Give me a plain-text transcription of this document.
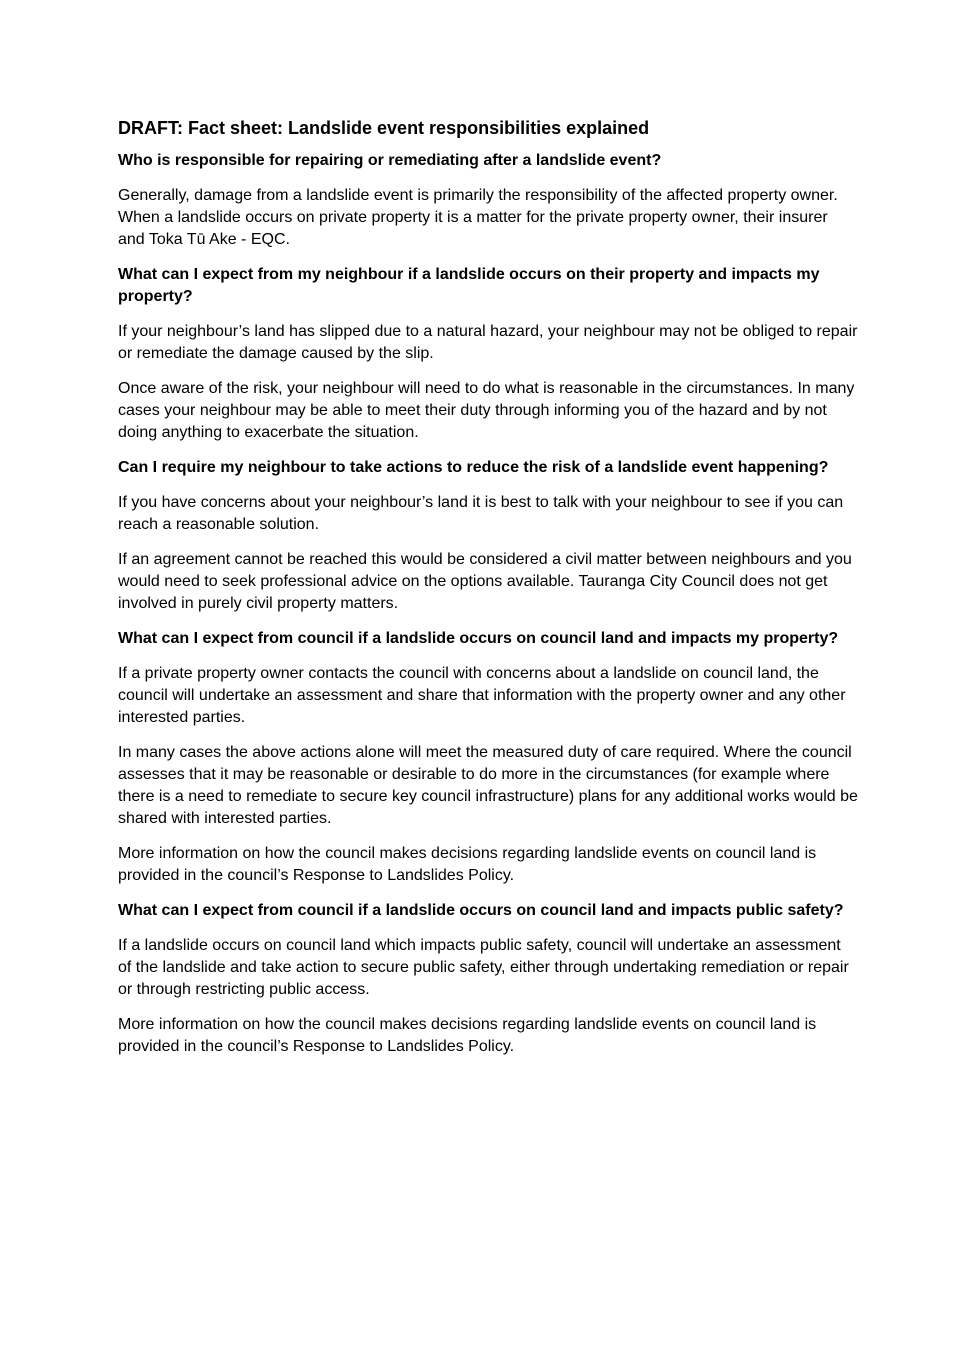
DRAFT: Fact sheet: Landslide event responsibilities explained
Who is responsible for repairing or remediating after a landslide event?
Generally, damage from a landslide event is primarily the responsibility of the affected property owner. When a landslide occurs on private property it is a matter for the private property owner, their insurer and Toka Tū Ake - EQC.
What can I expect from my neighbour if a landslide occurs on their property and impacts my property?
If your neighbour’s land has slipped due to a natural hazard, your neighbour may not be obliged to repair or remediate the damage caused by the slip.
Once aware of the risk, your neighbour will need to do what is reasonable in the circumstances. In many cases your neighbour may be able to meet their duty through informing you of the hazard and by not doing anything to exacerbate the situation.
Can I require my neighbour to take actions to reduce the risk of a landslide event happening?
If you have concerns about your neighbour’s land it is best to talk with your neighbour to see if you can reach a reasonable solution.
If an agreement cannot be reached this would be considered a civil matter between neighbours and you would need to seek professional advice on the options available. Tauranga City Council does not get involved in purely civil property matters.
What can I expect from council if a landslide occurs on council land and impacts my property?
If a private property owner contacts the council with concerns about a landslide on council land, the council will undertake an assessment and share that information with the property owner and any other interested parties.
In many cases the above actions alone will meet the measured duty of care required. Where the council assesses that it may be reasonable or desirable to do more in the circumstances (for example where there is a need to remediate to secure key council infrastructure) plans for any additional works would be shared with interested parties.
More information on how the council makes decisions regarding landslide events on council land is provided in the council’s Response to Landslides Policy.
What can I expect from council if a landslide occurs on council land and impacts public safety?
If a landslide occurs on council land which impacts public safety, council will undertake an assessment of the landslide and take action to secure public safety, either through undertaking remediation or repair or through restricting public access.
More information on how the council makes decisions regarding landslide events on council land is provided in the council’s Response to Landslides Policy.
